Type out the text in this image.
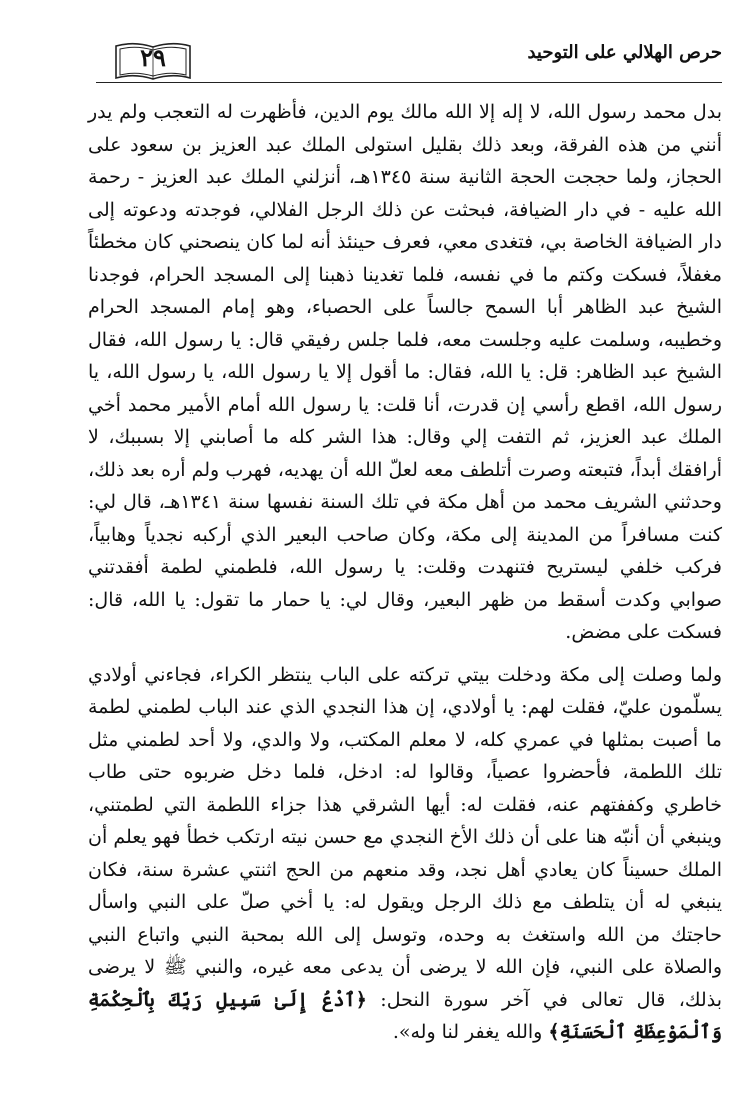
حرص الهلالي على التوحيد
٢٩

بدل محمد رسول الله، لا إله إلا الله مالك يوم الدين، فأظهرت له التعجب ولم يدر أنني من هذه الفرقة، وبعد ذلك بقليل استولى الملك عبد العزيز بن سعود على الحجاز، ولما حججت الحجة الثانية سنة ١٣٤٥هـ، أنزلني الملك عبد العزيز - رحمة الله عليه - في دار الضيافة، فبحثت عن ذلك الرجل الفلالي، فوجدته ودعوته إلى دار الضيافة الخاصة بي، فتغدى معي، فعرف حينئذ أنه لما كان ينصحني كان مخطئاً مغفلاً، فسكت وكتم ما في نفسه، فلما تغدينا ذهبنا إلى المسجد الحرام، فوجدنا الشيخ عبد الظاهر أبا السمح جالساً على الحصباء، وهو إمام المسجد الحرام وخطيبه، وسلمت عليه وجلست معه، فلما جلس رفيقي قال: يا رسول الله، فقال الشيخ عبد الظاهر: قل: يا الله، فقال: ما أقول إلا يا رسول الله، يا رسول الله، يا رسول الله، اقطع رأسي إن قدرت، أنا قلت: يا رسول الله أمام الأمير محمد أخي الملك عبد العزيز، ثم التفت إلي وقال: هذا الشر كله ما أصابني إلا بسببك، لا أرافقك أبداً، فتبعته وصرت أتلطف معه لعلّ الله أن يهديه، فهرب ولم أره بعد ذلك، وحدثني الشريف محمد من أهل مكة في تلك السنة نفسها سنة ١٣٤١هـ، قال لي: كنت مسافراً من المدينة إلى مكة، وكان صاحب البعير الذي أركبه نجدياً وهابياً، فركب خلفي ليستريح فتنهدت وقلت: يا رسول الله، فلطمني لطمة أفقدتني صوابي وكدت أسقط من ظهر البعير، وقال لي: يا حمار ما تقول: يا الله، قال: فسكت على مضض.

ولما وصلت إلى مكة ودخلت بيتي تركته على الباب ينتظر الكراء، فجاءني أولادي يسلّمون عليّ، فقلت لهم: يا أولادي، إن هذا النجدي الذي عند الباب لطمني لطمة ما أصبت بمثلها في عمري كله، لا معلم المكتب، ولا والدي، ولا أحد لطمني مثل تلك اللطمة، فأحضروا عصياً، وقالوا له: ادخل، فلما دخل ضربوه حتى طاب خاطري وكففتهم عنه، فقلت له: أيها الشرقي هذا جزاء اللطمة التي لطمتني، وينبغي أن أنبّه هنا على أن ذلك الأخ النجدي مع حسن نيته ارتكب خطأ فهو يعلم أن الملك حسيناً كان يعادي أهل نجد، وقد منعهم من الحج اثنتي عشرة سنة، فكان ينبغي له أن يتلطف مع ذلك الرجل ويقول له: يا أخي صلّ على النبي واسأل حاجتك من الله واستغث به وحده، وتوسل إلى الله بمحبة النبي واتباع النبي والصلاة على النبي، فإن الله لا يرضى أن يدعى معه غيره، والنبي ﷺ لا يرضى بذلك، قال تعالى في آخر سورة النحل: ﴿ٱدْعُ إِلَىٰ سَبِيلِ رَبِّكَ بِٱلْحِكْمَةِ وَٱلْمَوْعِظَةِ ٱلْحَسَنَةِ﴾ والله يغفر لنا وله».
